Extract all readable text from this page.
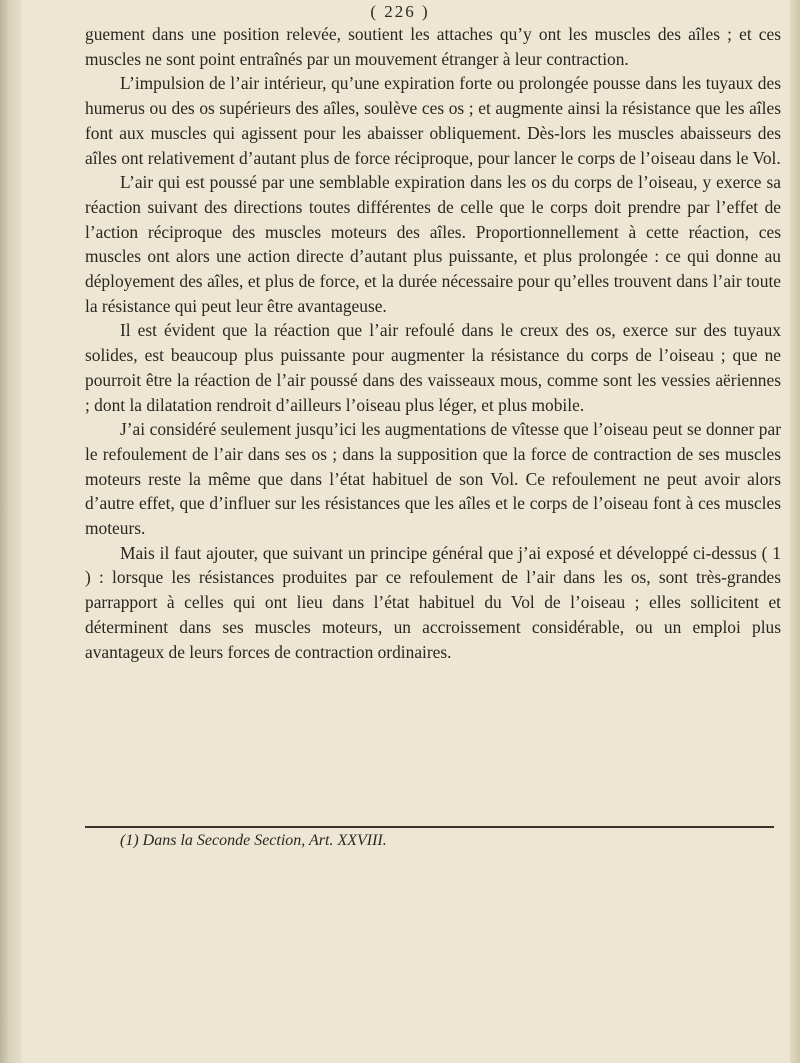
( 226 )

guement dans une position relevée, soutient les attaches qu’y ont les muscles des aîles ; et ces muscles ne sont point entraînés par un mouvement étranger à leur contraction.

L’impulsion de l’air intérieur, qu’une expiration forte ou prolongée pousse dans les tuyaux des humerus ou des os supérieurs des aîles, soulève ces os ; et augmente ainsi la résistance que les aîles font aux muscles qui agissent pour les abaisser obliquement. Dès-lors les muscles abaisseurs des aîles ont relativement d’autant plus de force réciproque, pour lancer le corps de l’oiseau dans le Vol.

L’air qui est poussé par une semblable expiration dans les os du corps de l’oiseau, y exerce sa réaction suivant des directions toutes différentes de celle que le corps doit prendre par l’effet de l’action réciproque des muscles moteurs des aîles. Proportionnellement à cette réaction, ces muscles ont alors une action directe d’autant plus puissante, et plus prolongée : ce qui donne au déployement des aîles, et plus de force, et la durée nécessaire pour qu’elles trouvent dans l’air toute la résistance qui peut leur être avantageuse.

Il est évident que la réaction que l’air refoulé dans le creux des os, exerce sur des tuyaux solides, est beaucoup plus puissante pour augmenter la résistance du corps de l’oiseau ; que ne pourroit être la réaction de l’air poussé dans des vaisseaux mous, comme sont les vessies aëriennes ; dont la dilatation rendroit d’ailleurs l’oiseau plus léger, et plus mobile.

J’ai considéré seulement jusqu’ici les augmentations de vîtesse que l’oiseau peut se donner par le refoulement de l’air dans ses os ; dans la supposition que la force de contraction de ses muscles moteurs reste la même que dans l’état habituel de son Vol. Ce refoulement ne peut avoir alors d’autre effet, que d’influer sur les résistances que les aîles et le corps de l’oiseau font à ces muscles moteurs.

Mais il faut ajouter, que suivant un principe général que j’ai exposé et développé ci-dessus ( 1 ) : lorsque les résistances produites par ce refoulement de l’air dans les os, sont très-grandes parrapport à celles qui ont lieu dans l’état habituel du Vol de l’oiseau ; elles sollicitent et déterminent dans ses muscles moteurs, un accroissement considérable, ou un emploi plus avantageux de leurs forces de contraction ordinaires.

(1) Dans la Seconde Section, Art. XXVIII.
